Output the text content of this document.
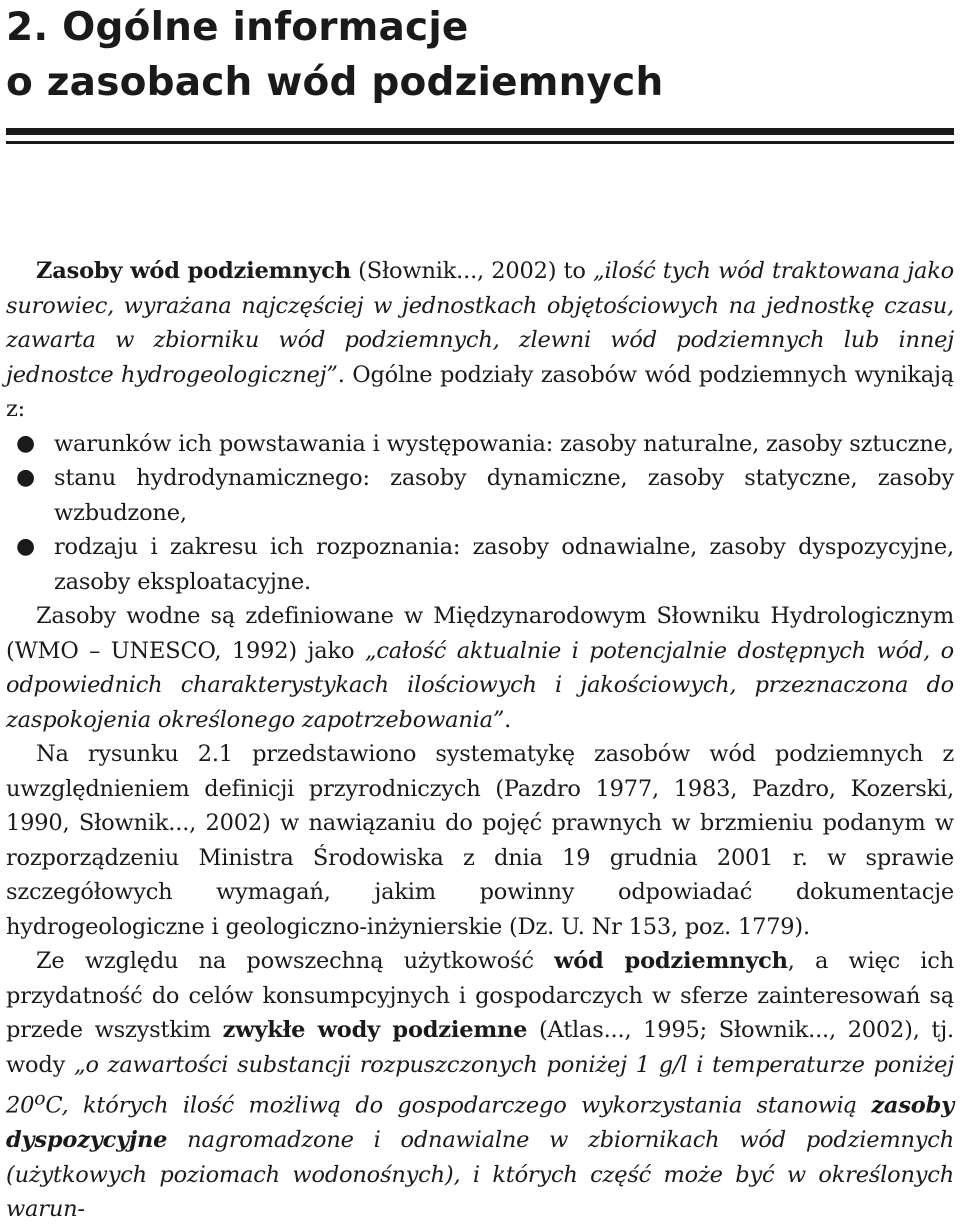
2. Ogólne informacje
o zasobach wód podziemnych

Zasoby wód podziemnych (Słownik..., 2002) to „ilość tych wód traktowana jako surowiec, wyrażana najczęściej w jednostkach objętościowych na jednostkę czasu, zawarta w zbiorniku wód podziemnych, zlewni wód podziemnych lub innej jednostce hydrogeologicznej”. Ogólne podziały zasobów wód podziemnych wynikają z:

● warunków ich powstawania i występowania: zasoby naturalne, zasoby sztuczne,
● stanu hydrodynamicznego: zasoby dynamiczne, zasoby statyczne, zasoby wzbudzone,
● rodzaju i zakresu ich rozpoznania: zasoby odnawialne, zasoby dyspozycyjne, zasoby eksploatacyjne.

Zasoby wodne są zdefiniowane w Międzynarodowym Słowniku Hydrologicznym (WMO – UNESCO, 1992) jako „całość aktualnie i potencjalnie dostępnych wód, o odpowiednich charakterystykach ilościowych i jakościowych, przeznaczona do zaspokojenia określonego zapotrzebowania”.

Na rysunku 2.1 przedstawiono systematykę zasobów wód podziemnych z uwzględnieniem definicji przyrodniczych (Pazdro 1977, 1983, Pazdro, Kozerski, 1990, Słownik..., 2002) w nawiązaniu do pojęć prawnych w brzmieniu podanym w rozporządzeniu Ministra Środowiska z dnia 19 grudnia 2001 r. w sprawie szczegółowych wymagań, jakim powinny odpowiadać dokumentacje hydrogeologiczne i geologiczno-inżynierskie (Dz. U. Nr 153, poz. 1779).

Ze względu na powszechną użytkowość wód podziemnych, a więc ich przydatność do celów konsumpcyjnych i gospodarczych w sferze zainteresowań są przede wszystkim zwykłe wody podziemne (Atlas..., 1995; Słownik..., 2002), tj. wody „o zawartości substancji rozpuszczonych poniżej 1 g/l i temperaturze poniżej 20$^o$C, których ilość możliwą do gospodarczego wykorzystania stanowią zasoby dyspozycyjne nagromadzone i odnawialne w zbiornikach wód podziemnych (użytkowych poziomach wodonośnych), i których część może być w określonych warun-
